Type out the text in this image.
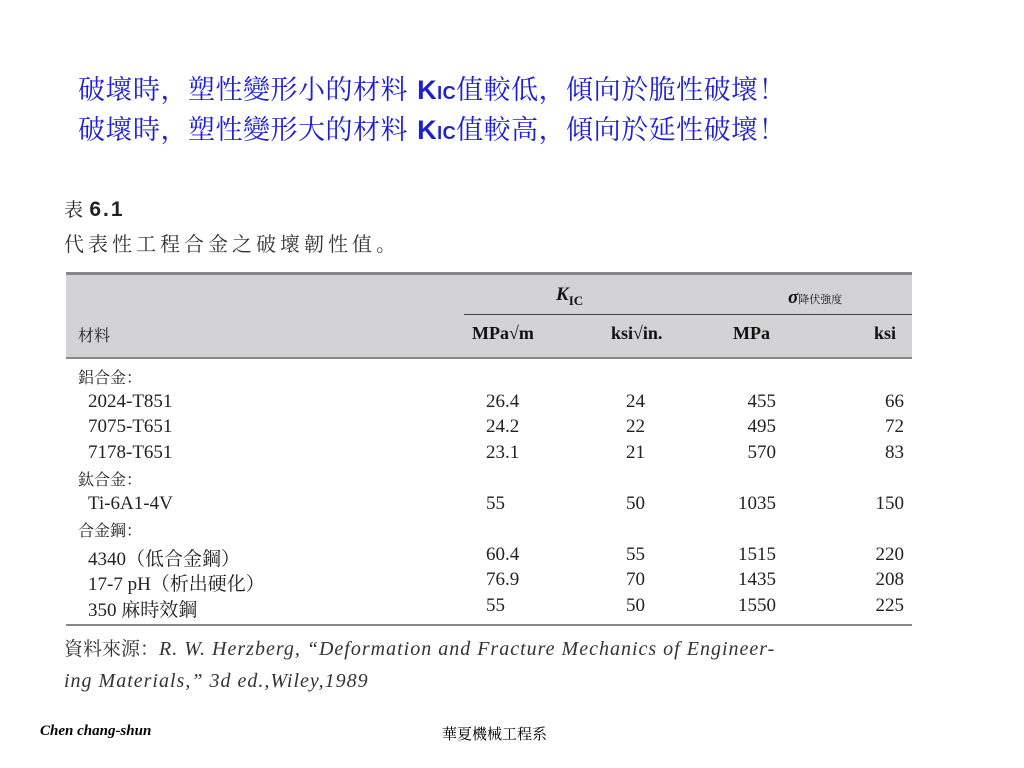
破壞時，塑性變形小的材料 KIC值較低，傾向於脆性破壞！
破壞時，塑性變形大的材料 KIC值較高，傾向於延性破壞！
表 6.1
代表性工程合金之破壞韌性值。
材料
$K_{IC}$	σ降伏強度
MPa√m	ksi√in.	MPa	ksi
鋁合金：
2024-T851	26.4	24	455	66
7075-T651	24.2	22	495	72
7178-T651	23.1	21	570	83
鈦合金：
Ti-6A1-4V	55	50	1035	150
合金鋼：
4340（低合金鋼）	60.4	55	1515	220
17-7 pH（析出硬化）	76.9	70	1435	208
350 麻時效鋼	55	50	1550	225
資料來源：R. W. Herzberg, “Deformation and Fracture Mechanics of Engineer-
ing Materials,” 3d ed.,Wiley,1989
Chen chang-shun	華夏機械工程系
